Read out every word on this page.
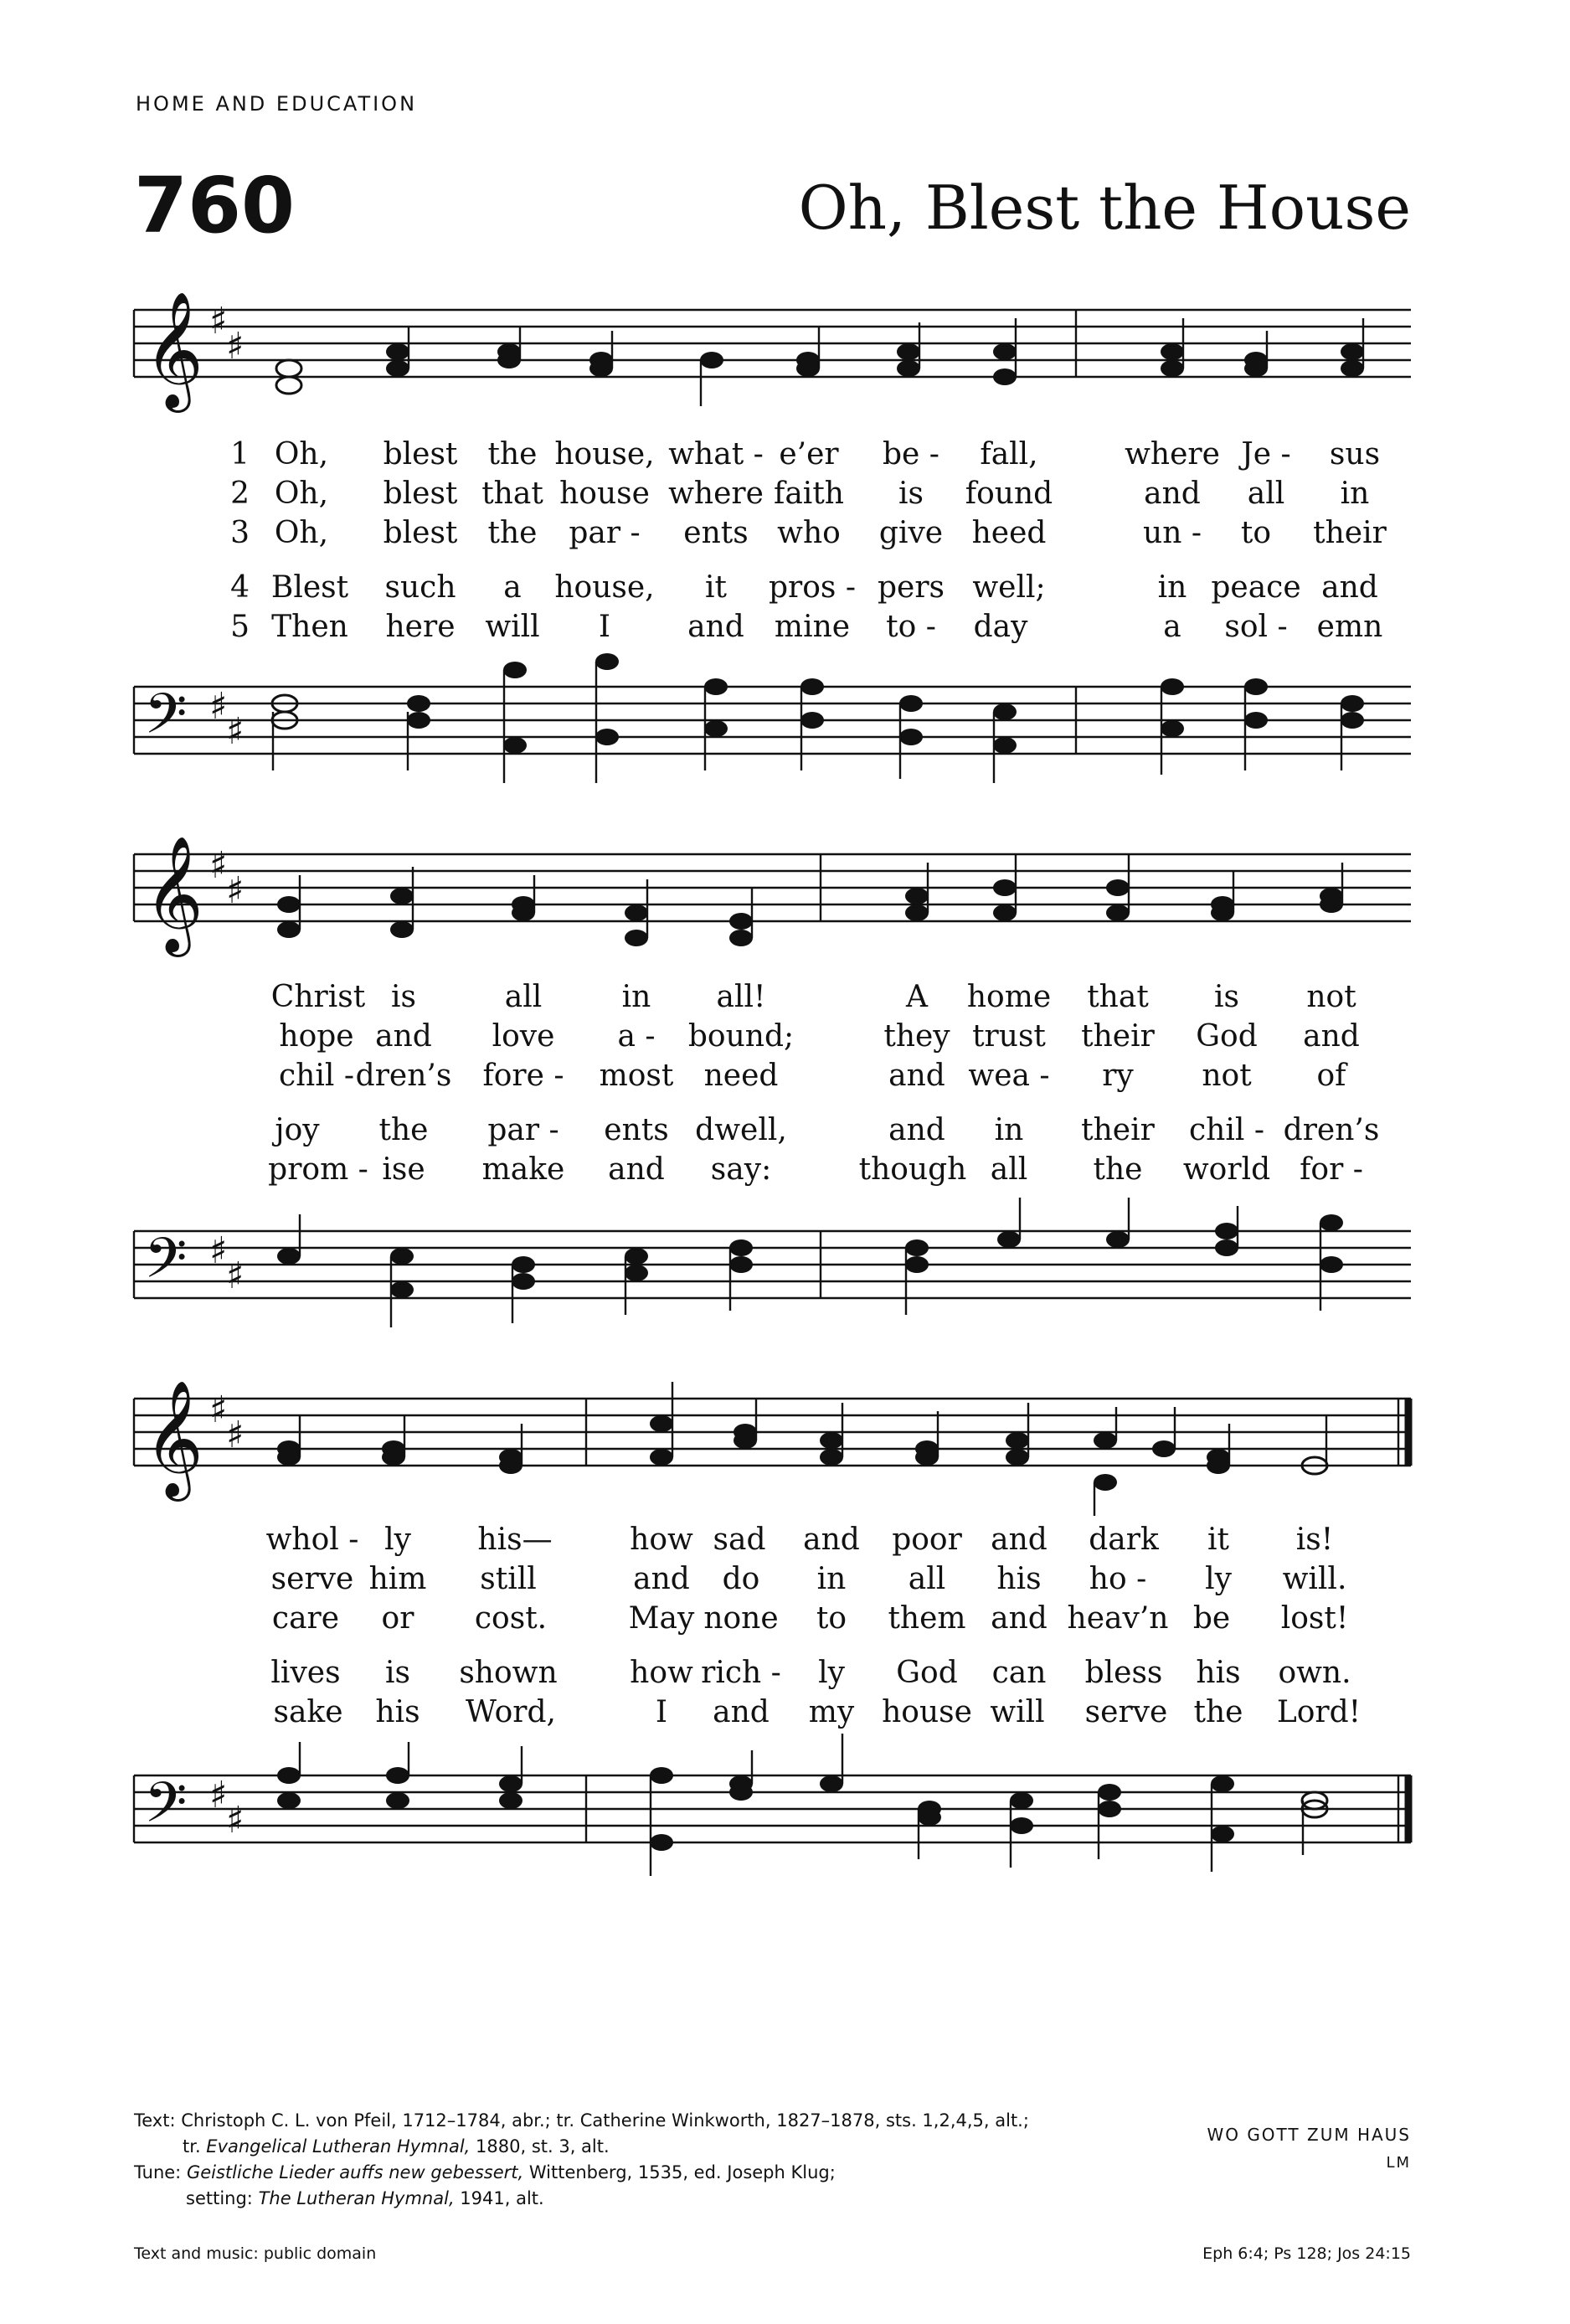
HOME AND EDUCATION
760	Oh, Blest the House
𝄞 ♯
♯
1
2
3
4
5
Oh, blest the house, what - e’er be - fall,	where Je - sus
Oh, blest that house where faith is found	and all in
Oh, blest the par - ents who give heed	un - to their
Blest such a house, it pros - pers well;	in peace and
Then here will I	and mine to - day	a sol - emn
𝄢 ♯
♯
𝄞 ♯
♯
Christ is	all	in all!	A home that is not
hope and love a - bound;	they trust their God and
chil - dren’s fore - most need	and wea - ry not of
joy the par - ents dwell,	and in their chil - dren’s
prom - ise make and say:	though all the world for -
𝄢 ♯
♯
𝄞 ♯
♯
whol - ly his—	how sad and poor and dark it is!
serve him still	and do in all his ho - ly will.
care or cost.	May none to them and heav’n be lost!
lives is shown how rich - ly God can bless his own.
sake his Word,	I and my house will serve the Lord!
𝄢 ♯
♯
Text: Christoph C. L. von Pfeil, 1712–1784, abr.; tr. Catherine Winkworth, 1827–1878, sts. 1,2,4,5, alt.;
tr. Evangelical Lutheran Hymnal, 1880, st. 3, alt.
Tune: Geistliche Lieder auffs new gebessert, Wittenberg, 1535, ed. Joseph Klug;
setting: The Lutheran Hymnal, 1941, alt.
WO GOTT ZUM HAUS
LM
Text and music: public domain	Eph 6:4; Ps 128; Jos 24:15
